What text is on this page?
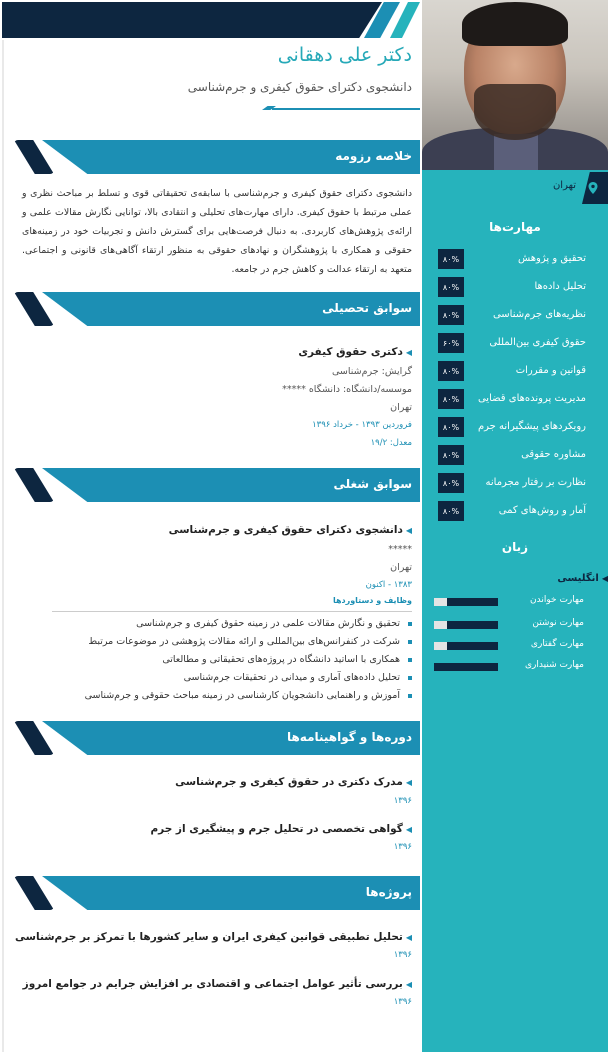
دکتر علی دهقانی
دانشجوی دکترای حقوق کیفری و جرم‌شناسی
خلاصه رزومه
دانشجوی دکترای حقوق کیفری و جرم‌شناسی با سابقه‌ی تحقیقاتی قوی و تسلط بر مباحث نظری و عملی مرتبط با حقوق کیفری. دارای مهارت‌های تحلیلی و انتقادی بالا، توانایی نگارش مقالات علمی و ارائه‌ی پژوهش‌های کاربردی. به دنبال فرصت‌هایی برای گسترش دانش و تجربیات خود در زمینه‌های حقوقی و همکاری با پژوهشگران و نهادهای حقوقی به منظور ارتقاء آگاهی‌های قانونی و اجتماعی. متعهد به ارتقاء عدالت و کاهش جرم در جامعه.
سوابق تحصیلی
◀دکتری حقوق کیفری
گرایش: جرم‌شناسی
موسسه/دانشگاه: دانشگاه *****
تهران
فروردین ۱۳۹۳ - خرداد ۱۳۹۶
معدل: ۱۹/۲
سوابق شغلی
◀دانشجوی دکترای حقوق کیفری و جرم‌شناسی
*****
تهران
۱۳۸۳ - اکنون
وظایف و دستاوردها
تحقیق و نگارش مقالات علمی در زمینه حقوق کیفری و جرم‌شناسی
شرکت در کنفرانس‌های بین‌المللی و ارائه مقالات پژوهشی در موضوعات مرتبط
همکاری با اساتید دانشگاه در پروژه‌های تحقیقاتی و مطالعاتی
تحلیل داده‌های آماری و میدانی در تحقیقات جرم‌شناسی
آموزش و راهنمایی دانشجویان کارشناسی در زمینه مباحث حقوقی و جرم‌شناسی
دوره‌ها و گواهینامه‌ها
◀مدرک دکتری در حقوق کیفری و جرم‌شناسی
۱۳۹۶
◀گواهی تخصصی در تحلیل جرم و پیشگیری از جرم
۱۳۹۶
پروژه‌ها
◀تحلیل تطبیقی قوانین کیفری ایران و سایر کشورها با تمرکز بر جرم‌شناسی
۱۳۹۶
◀بررسی تأثیر عوامل اجتماعی و اقتصادی بر افزایش جرایم در جوامع امروز
۱۳۹۶
تهران
مهارت‌ها
تحقیق و پژوهش
۸۰%
تحلیل داده‌ها
۸۰%
نظریه‌های جرم‌شناسی
۸۰%
حقوق کیفری بین‌المللی
۶۰%
قوانین و مقررات
۸۰%
مدیریت پرونده‌های قضایی
۸۰%
رویکردهای پیشگیرانه جرم
۸۰%
مشاوره حقوقی
۸۰%
نظارت بر رفتار مجرمانه
۸۰%
آمار و روش‌های کمی
۸۰%
زبان
◀انگلیسی
مهارت خواندن
مهارت نوشتن
مهارت گفتاری
مهارت شنیداری
